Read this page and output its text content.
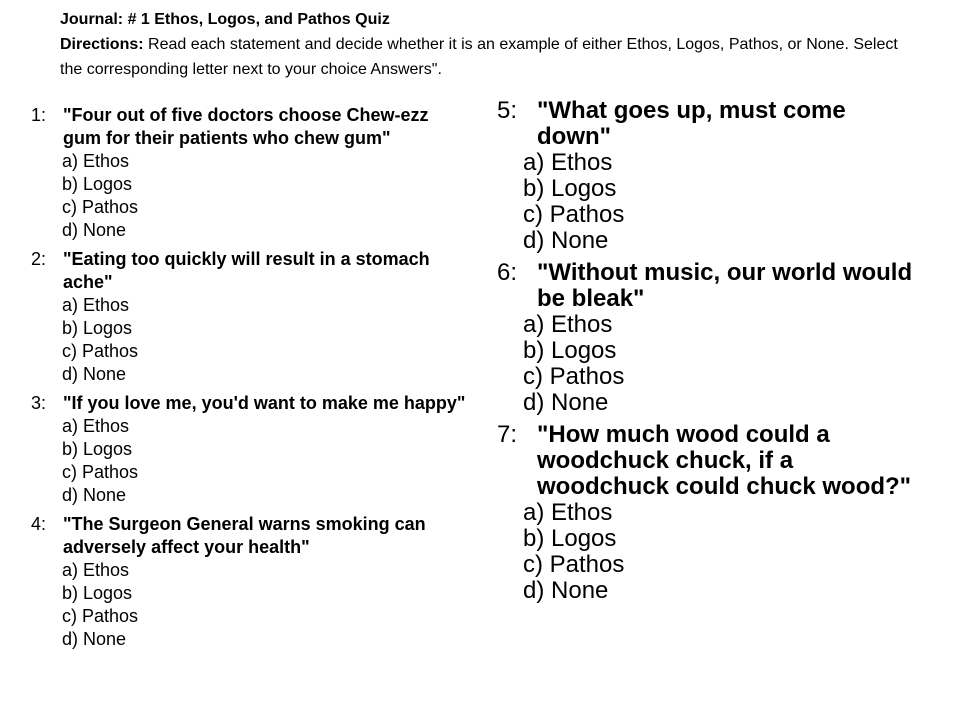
Journal: # 1 Ethos, Logos, and Pathos Quiz
Directions: Read each statement and decide whether it is an example of either Ethos, Logos, Pathos, or None. Select the corresponding letter next to your choice Answers".
1: "Four out of five doctors choose Chew-ezz gum for their patients who chew gum"
a) Ethos
b) Logos
c) Pathos
d) None
2: "Eating too quickly will result in a stomach ache"
a) Ethos
b) Logos
c) Pathos
d) None
3: "If you love me, you'd want to make me happy"
a) Ethos
b) Logos
c) Pathos
d) None
4: "The Surgeon General warns smoking can adversely affect your health"
a) Ethos
b) Logos
c) Pathos
d) None
5: "What goes up, must come down"
a) Ethos
b) Logos
c) Pathos
d) None
6: "Without music, our world would be bleak"
a) Ethos
b) Logos
c) Pathos
d) None
7: "How much wood could a woodchuck chuck, if a woodchuck could chuck wood?"
a) Ethos
b) Logos
c) Pathos
d) None
